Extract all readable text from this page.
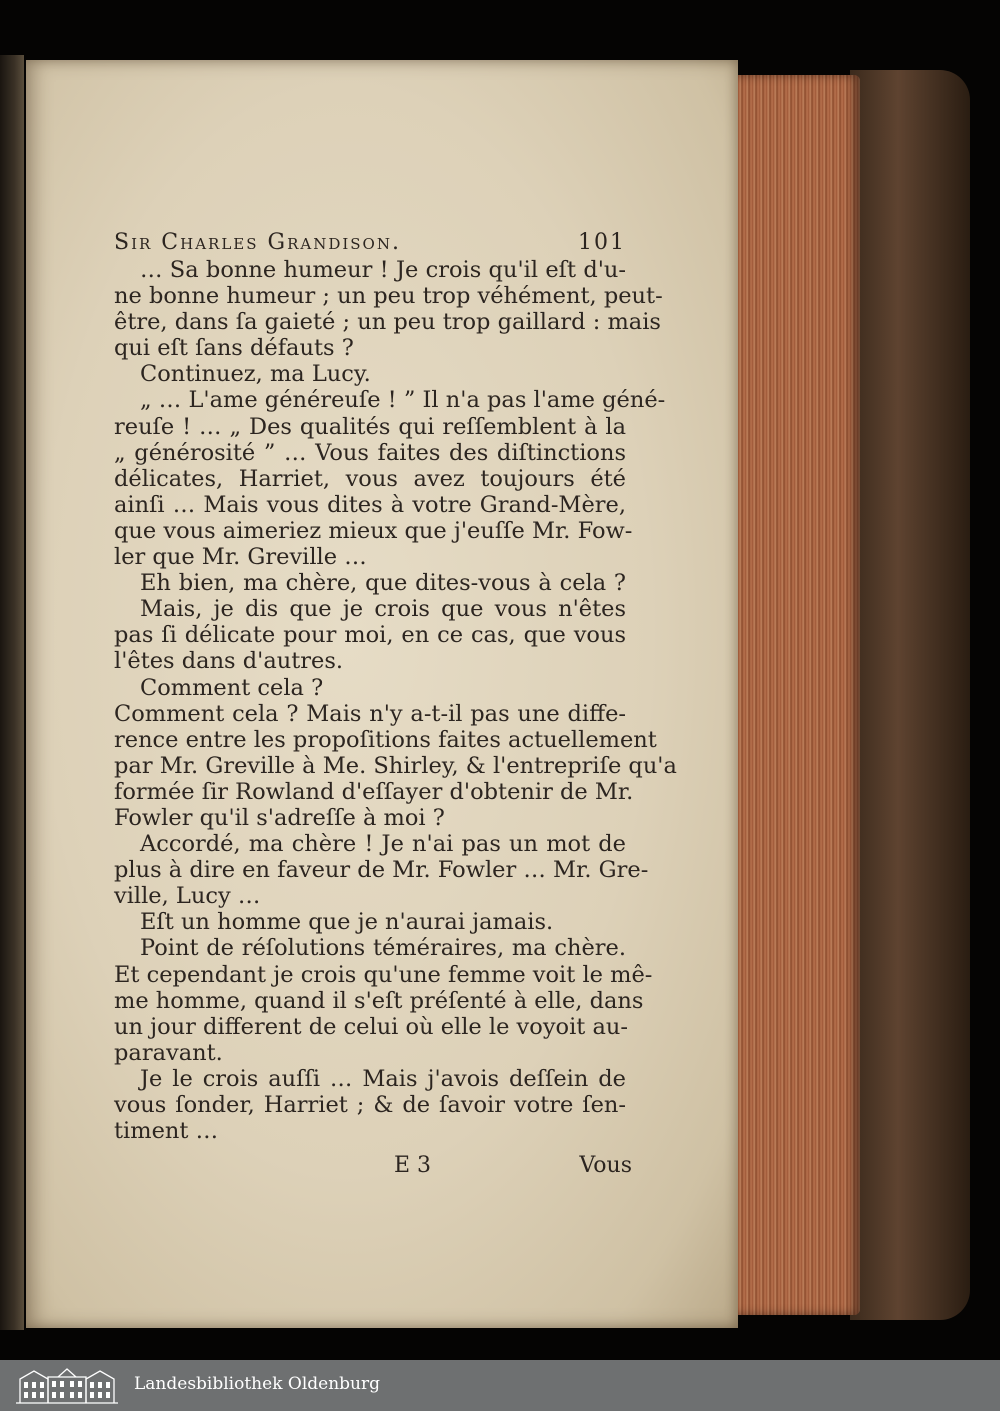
Sir Charles Grandison.	101
… Sa bonne humeur ! Je crois qu'il eſt d'u-
ne bonne humeur ; un peu trop véhément, peut-
être, dans ſa gaieté ; un peu trop gaillard : mais
qui eſt ſans défauts ?
Continuez, ma Lucy.
„ … L'ame généreuſe ! ” Il n'a pas l'ame géné-
reuſe ! … „ Des qualités qui reſſemblent à la
„ générosité ” … Vous faites des diſtinctions
délicates, Harriet, vous avez toujours été
ainſi … Mais vous dites à votre Grand-Mère,
que vous aimeriez mieux que j'euſſe Mr. Fow-
ler que Mr. Greville …
Eh bien, ma chère, que dites-vous à cela ?
Mais, je dis que je crois que vous n'êtes
pas ſi délicate pour moi, en ce cas, que vous
l'êtes dans d'autres.
Comment cela ?
Comment cela ? Mais n'y a-t-il pas une diffe-
rence entre les propoſitions faites actuellement
par Mr. Greville à Me. Shirley, & l'entrepriſe qu'a
formée ſir Rowland d'eſſayer d'obtenir de Mr.
Fowler qu'il s'adreſſe à moi ?
Accordé, ma chère ! Je n'ai pas un mot de
plus à dire en faveur de Mr. Fowler … Mr. Gre-
ville, Lucy …
Eſt un homme que je n'aurai jamais.
Point de réſolutions téméraires, ma chère.
Et cependant je crois qu'une femme voit le mê-
me homme, quand il s'eſt préſenté à elle, dans
un jour different de celui où elle le voyoit au-
paravant.
Je le crois auſſi … Mais j'avois deſſein de
vous ſonder, Harriet ; & de ſavoir votre ſen-
timent …
E 3	Vous
Landesbibliothek Oldenburg
